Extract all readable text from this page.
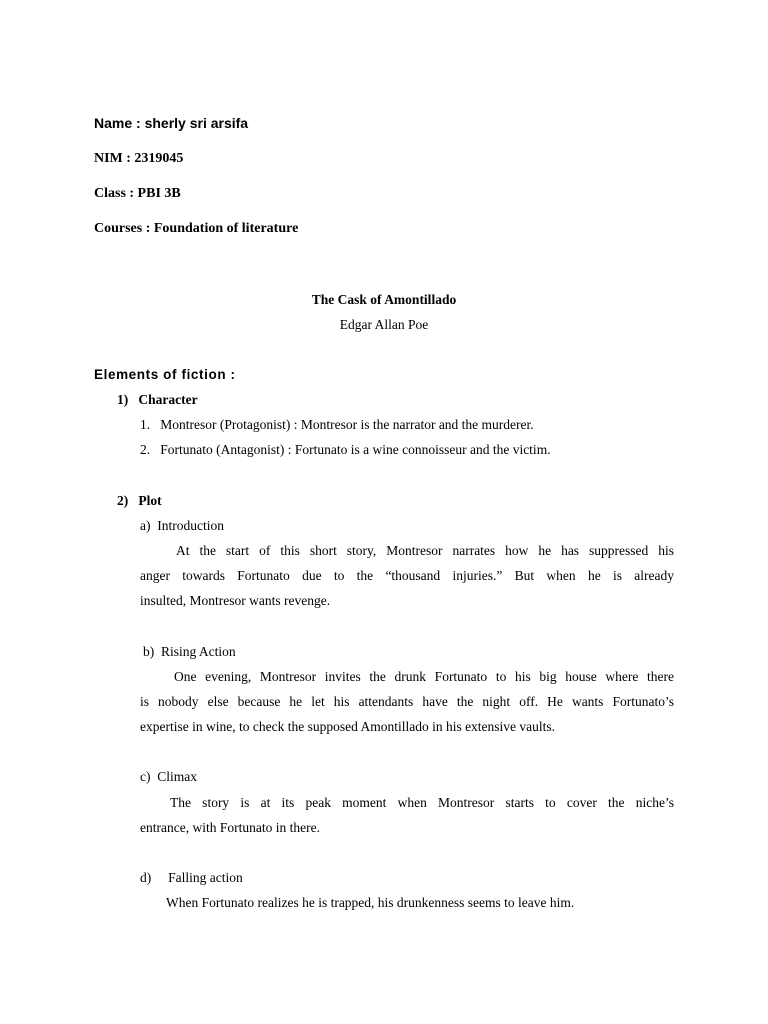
Name : sherly sri arsifa
NIM : 2319045
Class : PBI 3B
Courses : Foundation of literature
The Cask of Amontillado
Edgar Allan Poe
Elements of fiction :
1)   Character
1.   Montresor (Protagonist) : Montresor is the narrator and the murderer.
2.   Fortunato (Antagonist) : Fortunato is a wine connoisseur and the victim.
2)   Plot
a)  Introduction
At the start of this short story, Montresor narrates how he has suppressed his
anger towards Fortunato due to the “thousand injuries.” But when he is already
insulted, Montresor wants revenge.
b)  Rising Action
One evening, Montresor invites the drunk Fortunato to his big house where there
is nobody else because he let his attendants have the night off. He wants Fortunato’s
expertise in wine, to check the supposed Amontillado in his extensive vaults.
c)  Climax
The story is at its peak moment when Montresor starts to cover the niche’s
entrance, with Fortunato in there.
d)     Falling action
When Fortunato realizes he is trapped, his drunkenness seems to leave him.
